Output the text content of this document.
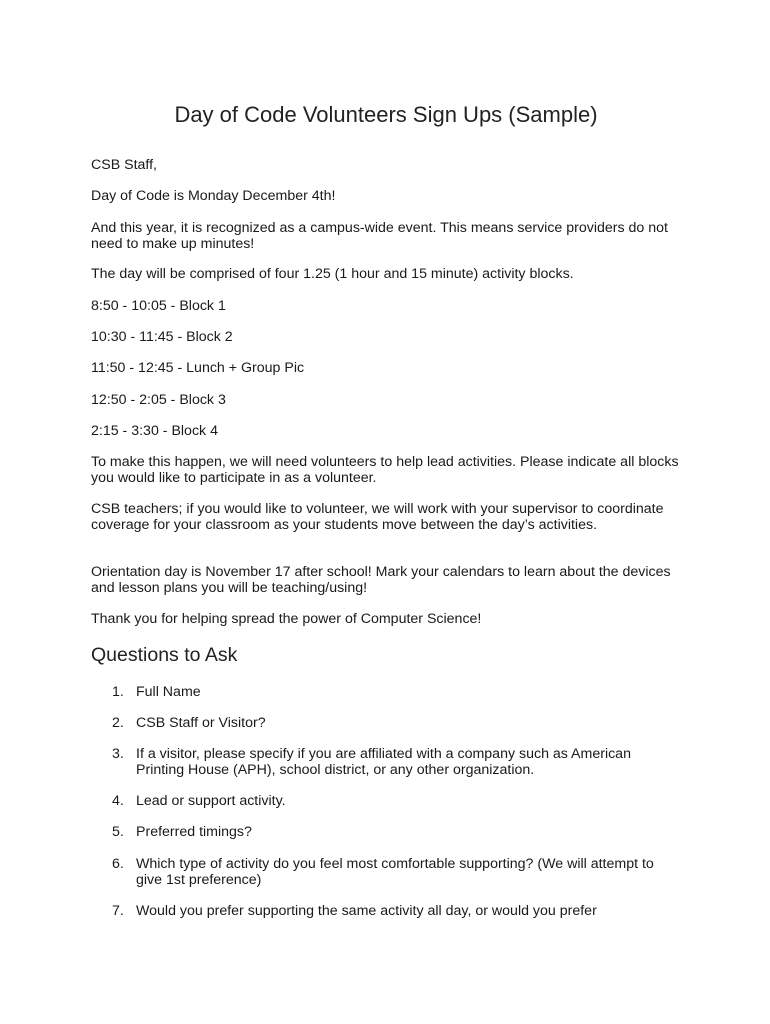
Day of Code Volunteers Sign Ups (Sample)

CSB Staff,

Day of Code is Monday December 4th!

And this year, it is recognized as a campus-wide event. This means service providers do not need to make up minutes!

The day will be comprised of four 1.25 (1 hour and 15 minute) activity blocks.

8:50 - 10:05 - Block 1

10:30 - 11:45 - Block 2

11:50 - 12:45 - Lunch + Group Pic

12:50 - 2:05 - Block 3

2:15 - 3:30 - Block 4

To make this happen, we will need volunteers to help lead activities. Please indicate all blocks you would like to participate in as a volunteer.

CSB teachers; if you would like to volunteer, we will work with your supervisor to coordinate coverage for your classroom as your students move between the day’s activities.

Orientation day is November 17 after school! Mark your calendars to learn about the devices and lesson plans you will be teaching/using!

Thank you for helping spread the power of Computer Science!

Questions to Ask
1. Full Name
2. CSB Staff or Visitor?
3. If a visitor, please specify if you are affiliated with a company such as American Printing House (APH), school district, or any other organization.
4. Lead or support activity.
5. Preferred timings?
6. Which type of activity do you feel most comfortable supporting? (We will attempt to give 1st preference)
7. Would you prefer supporting the same activity all day, or would you prefer
